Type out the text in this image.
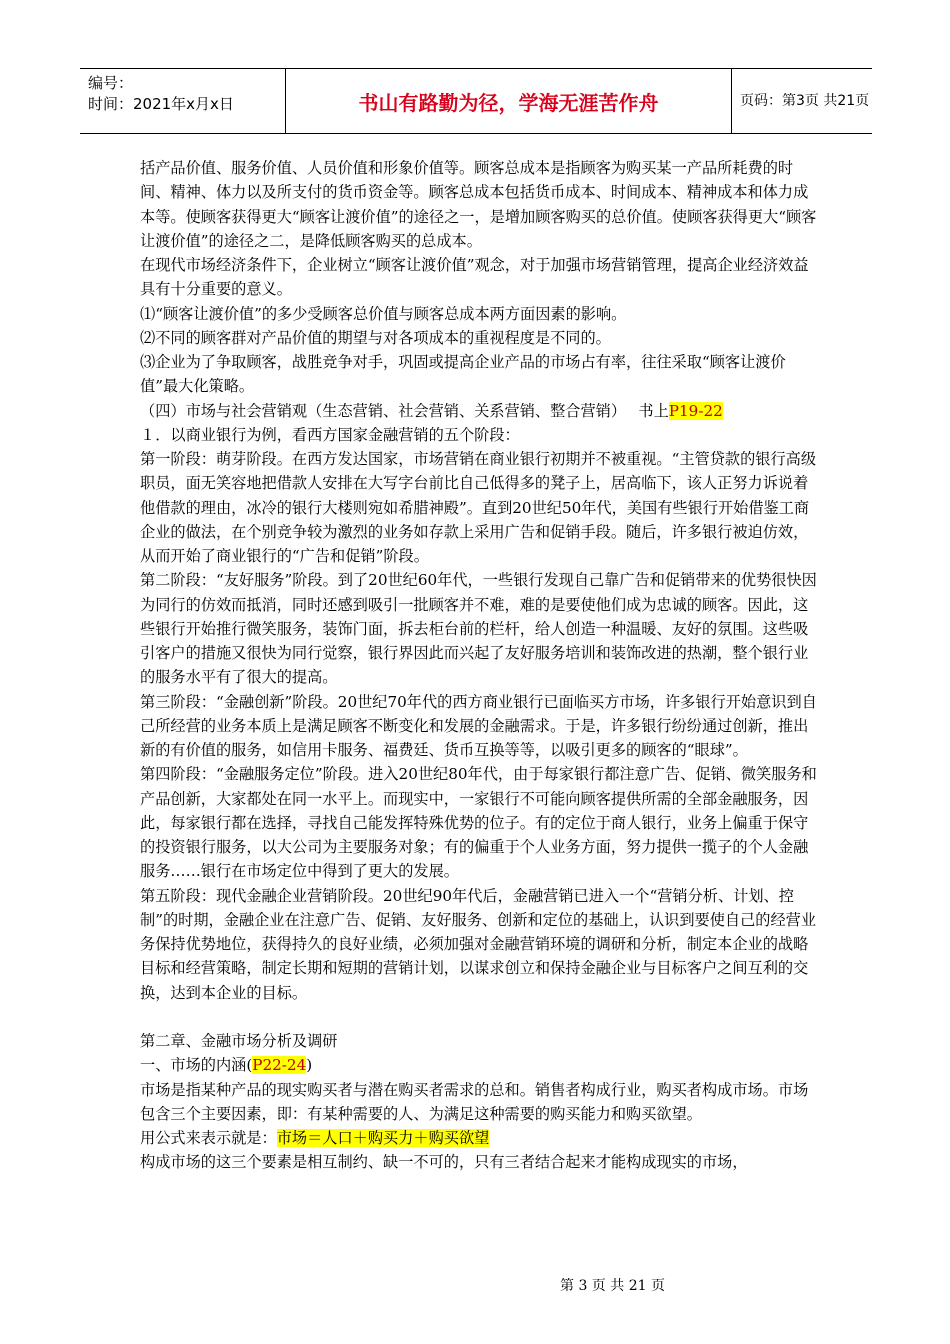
编号：
时间：2021年x月x日	书山有路勤为径，学海无涯苦作舟	页码：第3页 共21页

括产品价值、服务价值、人员价值和形象价值等。顾客总成本是指顾客为购买某一产品所耗费的时间、精神、体力以及所支付的货币资金等。顾客总成本包括货币成本、时间成本、精神成本和体力成本等。使顾客获得更大“顾客让渡价值”的途径之一，是增加顾客购买的总价值。使顾客获得更大“顾客让渡价值”的途径之二，是降低顾客购买的总成本。

在现代市场经济条件下，企业树立“顾客让渡价值”观念，对于加强市场营销管理，提高企业经济效益具有十分重要的意义。

⑴“顾客让渡价值”的多少受顾客总价值与顾客总成本两方面因素的影响。

⑵不同的顾客群对产品价值的期望与对各项成本的重视程度是不同的。

⑶企业为了争取顾客，战胜竞争对手，巩固或提高企业产品的市场占有率，往往采取“顾客让渡价值”最大化策略。

（四）市场与社会营销观（生态营销、社会营销、关系营销、整合营销）　 书上P19-22

１．以商业银行为例，看西方国家金融营销的五个阶段：

第一阶段：萌芽阶段。在西方发达国家，市场营销在商业银行初期并不被重视。“主管贷款的银行高级职员，面无笑容地把借款人安排在大写字台前比自己低得多的凳子上，居高临下，该人正努力诉说着他借款的理由，冰冷的银行大楼则宛如希腊神殿”。直到20世纪50年代，美国有些银行开始借鉴工商企业的做法，在个别竞争较为激烈的业务如存款上采用广告和促销手段。随后，许多银行被迫仿效，从而开始了商业银行的“广告和促销”阶段。

第二阶段：“友好服务”阶段。到了20世纪60年代，一些银行发现自己靠广告和促销带来的优势很快因为同行的仿效而抵消，同时还感到吸引一批顾客并不难，难的是要使他们成为忠诚的顾客。因此，这些银行开始推行微笑服务，装饰门面，拆去柜台前的栏杆，给人创造一种温暖、友好的氛围。这些吸引客户的措施又很快为同行觉察，银行界因此而兴起了友好服务培训和装饰改进的热潮，整个银行业的服务水平有了很大的提高。

第三阶段：“金融创新”阶段。20世纪70年代的西方商业银行已面临买方市场，许多银行开始意识到自己所经营的业务本质上是满足顾客不断变化和发展的金融需求。于是，许多银行纷纷通过创新，推出新的有价值的服务，如信用卡服务、福费廷、货币互换等等，以吸引更多的顾客的“眼球”。

第四阶段：“金融服务定位”阶段。进入20世纪80年代，由于每家银行都注意广告、促销、微笑服务和产品创新，大家都处在同一水平上。而现实中，一家银行不可能向顾客提供所需的全部金融服务，因此，每家银行都在选择，寻找自己能发挥特殊优势的位子。有的定位于商人银行，业务上偏重于保守的投资银行服务，以大公司为主要服务对象；有的偏重于个人业务方面，努力提供一揽子的个人金融服务……银行在市场定位中得到了更大的发展。

第五阶段：现代金融企业营销阶段。20世纪90年代后，金融营销已进入一个“营销分析、计划、控制”的时期，金融企业在注意广告、促销、友好服务、创新和定位的基础上，认识到要使自己的经营业务保持优势地位，获得持久的良好业绩，必须加强对金融营销环境的调研和分析，制定本企业的战略目标和经营策略，制定长期和短期的营销计划，以谋求创立和保持金融企业与目标客户之间互利的交换，达到本企业的目标。

第二章、金融市场分析及调研

一、市场的内涵(P22-24)

市场是指某种产品的现实购买者与潜在购买者需求的总和。销售者构成行业，购买者构成市场。市场包含三个主要因素，即：有某种需要的人、为满足这种需要的购买能力和购买欲望。

用公式来表示就是：市场＝人口＋购买力＋购买欲望

构成市场的这三个要素是相互制约、缺一不可的，只有三者结合起来才能构成现实的市场，

第 3 页 共 21 页
